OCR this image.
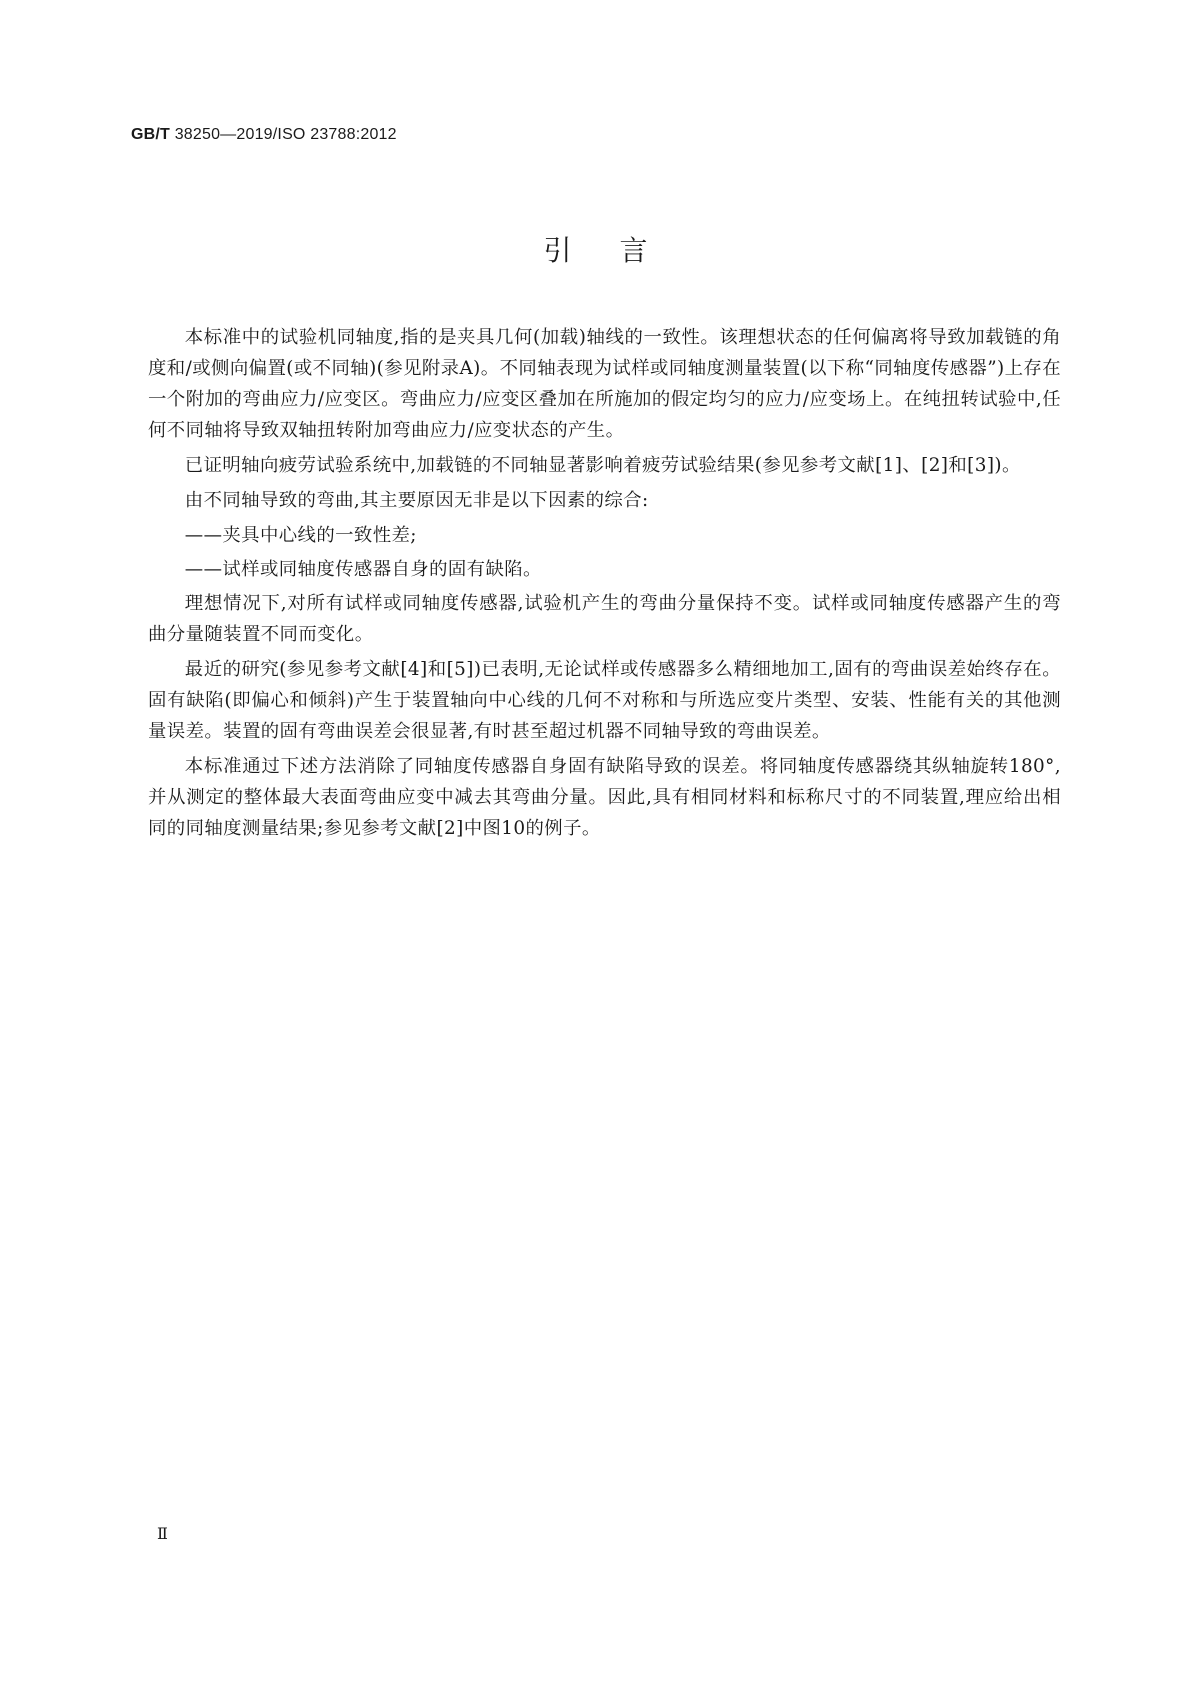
GB/T 38250—2019/ISO 23788:2012
引言

本标准中的试验机同轴度,指的是夹具几何(加载)轴线的一致性。该理想状态的任何偏离将导致加载链的角度和/或侧向偏置(或不同轴)(参见附录A)。不同轴表现为试样或同轴度测量装置(以下称“同轴度传感器”)上存在一个附加的弯曲应力/应变区。弯曲应力/应变区叠加在所施加的假定均匀的应力/应变场上。在纯扭转试验中,任何不同轴将导致双轴扭转附加弯曲应力/应变状态的产生。

已证明轴向疲劳试验系统中,加载链的不同轴显著影响着疲劳试验结果(参见参考文献[1]、[2]和[3])。

由不同轴导致的弯曲,其主要原因无非是以下因素的综合:

——夹具中心线的一致性差;

——试样或同轴度传感器自身的固有缺陷。

理想情况下,对所有试样或同轴度传感器,试验机产生的弯曲分量保持不变。试样或同轴度传感器产生的弯曲分量随装置不同而变化。

最近的研究(参见参考文献[4]和[5])已表明,无论试样或传感器多么精细地加工,固有的弯曲误差始终存在。固有缺陷(即偏心和倾斜)产生于装置轴向中心线的几何不对称和与所选应变片类型、安装、性能有关的其他测量误差。装置的固有弯曲误差会很显著,有时甚至超过机器不同轴导致的弯曲误差。

本标准通过下述方法消除了同轴度传感器自身固有缺陷导致的误差。将同轴度传感器绕其纵轴旋转180°,并从测定的整体最大表面弯曲应变中减去其弯曲分量。因此,具有相同材料和标称尺寸的不同装置,理应给出相同的同轴度测量结果;参见参考文献[2]中图10的例子。

Ⅱ
